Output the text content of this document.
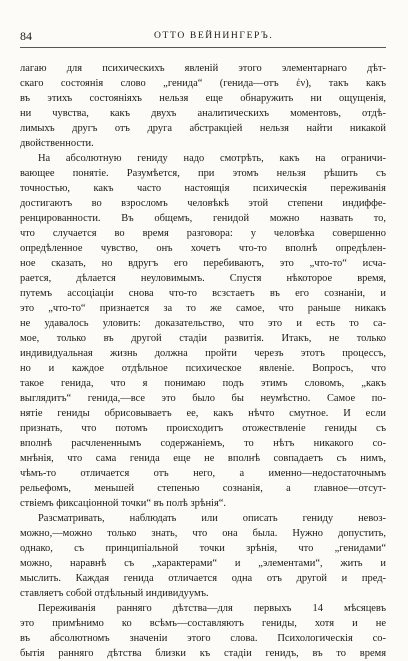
84	ОТТО ВЕЙНИНГЕРЪ.
лагаю для психическихъ явленій этого элементарнаго дѣт-
скаго состоянія слово „генида“ (генида—отъ ἐν), такъ какъ
въ этихъ состояніяхъ нельзя еще обнаружить ни ощущенія,
ни чувства, какъ двухъ аналитическихъ моментовъ, отдѣ-
лимыхъ другъ отъ друга абстракціей нельзя найти никакой
двойственности.
На абсолютную гениду надо смотрѣть, какъ на ограничи-
вающее понятіе. Разумѣется, при этомъ нельзя рѣшить съ
точностью, какъ часто настоящія психическія переживанія
достигаютъ во взросломъ человѣкѣ этой степени индиффе-
ренцированности. Въ общемъ, генидой можно назвать то,
что случается во время разговора: у человѣка совершенно
опредѣленное чувство, онъ хочетъ что-то вполнѣ опредѣлен-
ное сказать, но вдругъ его перебиваютъ, это „что-то“ исча-
рается, дѣлается неуловимымъ. Спустя нѣкоторое время,
путемъ ассоціаціи снова что-то всзстаетъ въ его сознаніи, и
это „что-то“ признается за то же самое, что раньше никакъ
не удавалось уловить: доказательство, что это и есть то са-
мое, только въ другой стадіи развитія. Итакъ, не только
индивидуальная жизнь должна пройти черезъ этотъ процессъ,
но и каждое отдѣльное психическое явленіе. Вопросъ, что
такое генида, что я понимаю подъ этимъ словомъ, „какъ
выглядитъ“ генида,—все это было бы неумѣстно. Самое по-
нятіе гениды обрисовываетъ ее, какъ нѣчто смутное. И если
признать, что потомъ происходитъ отожествленіе гениды съ
вполнѣ расчлененнымъ содержаніемъ, то нѣтъ никакого со-
мнѣнія, что сама генида еще не вполнѣ совпадаетъ съ нимъ,
чѣмъ-то отличается отъ него, а именно—недостаточнымъ
рельефомъ, меньшей степенью сознанія, а главное—отсут-
ствіемъ фиксаціонной точки“ въ полѣ зрѣнія“.
Разсматривать, наблюдать или описать гениду невоз-
можно,—можно только знать, что она была. Нужно допустить,
однако, съ принципіальной точки зрѣнія, что „генидами“
можно, наравнѣ съ „характерами“ и „элементами“, жить и
мыслить. Каждая генида отличается одна отъ другой и пред-
ставляетъ собой отдѣльный индивидуумъ.
Переживанія ранняго дѣтства—для первыхъ 14 мѣсяцевъ
это примѣнимо ко всѣмъ—составляютъ гениды, хотя и не
въ абсолютномъ значеніи этого слова. Психологическія со-
бытія ранняго дѣтства близки къ стадіи генидъ, въ то время
